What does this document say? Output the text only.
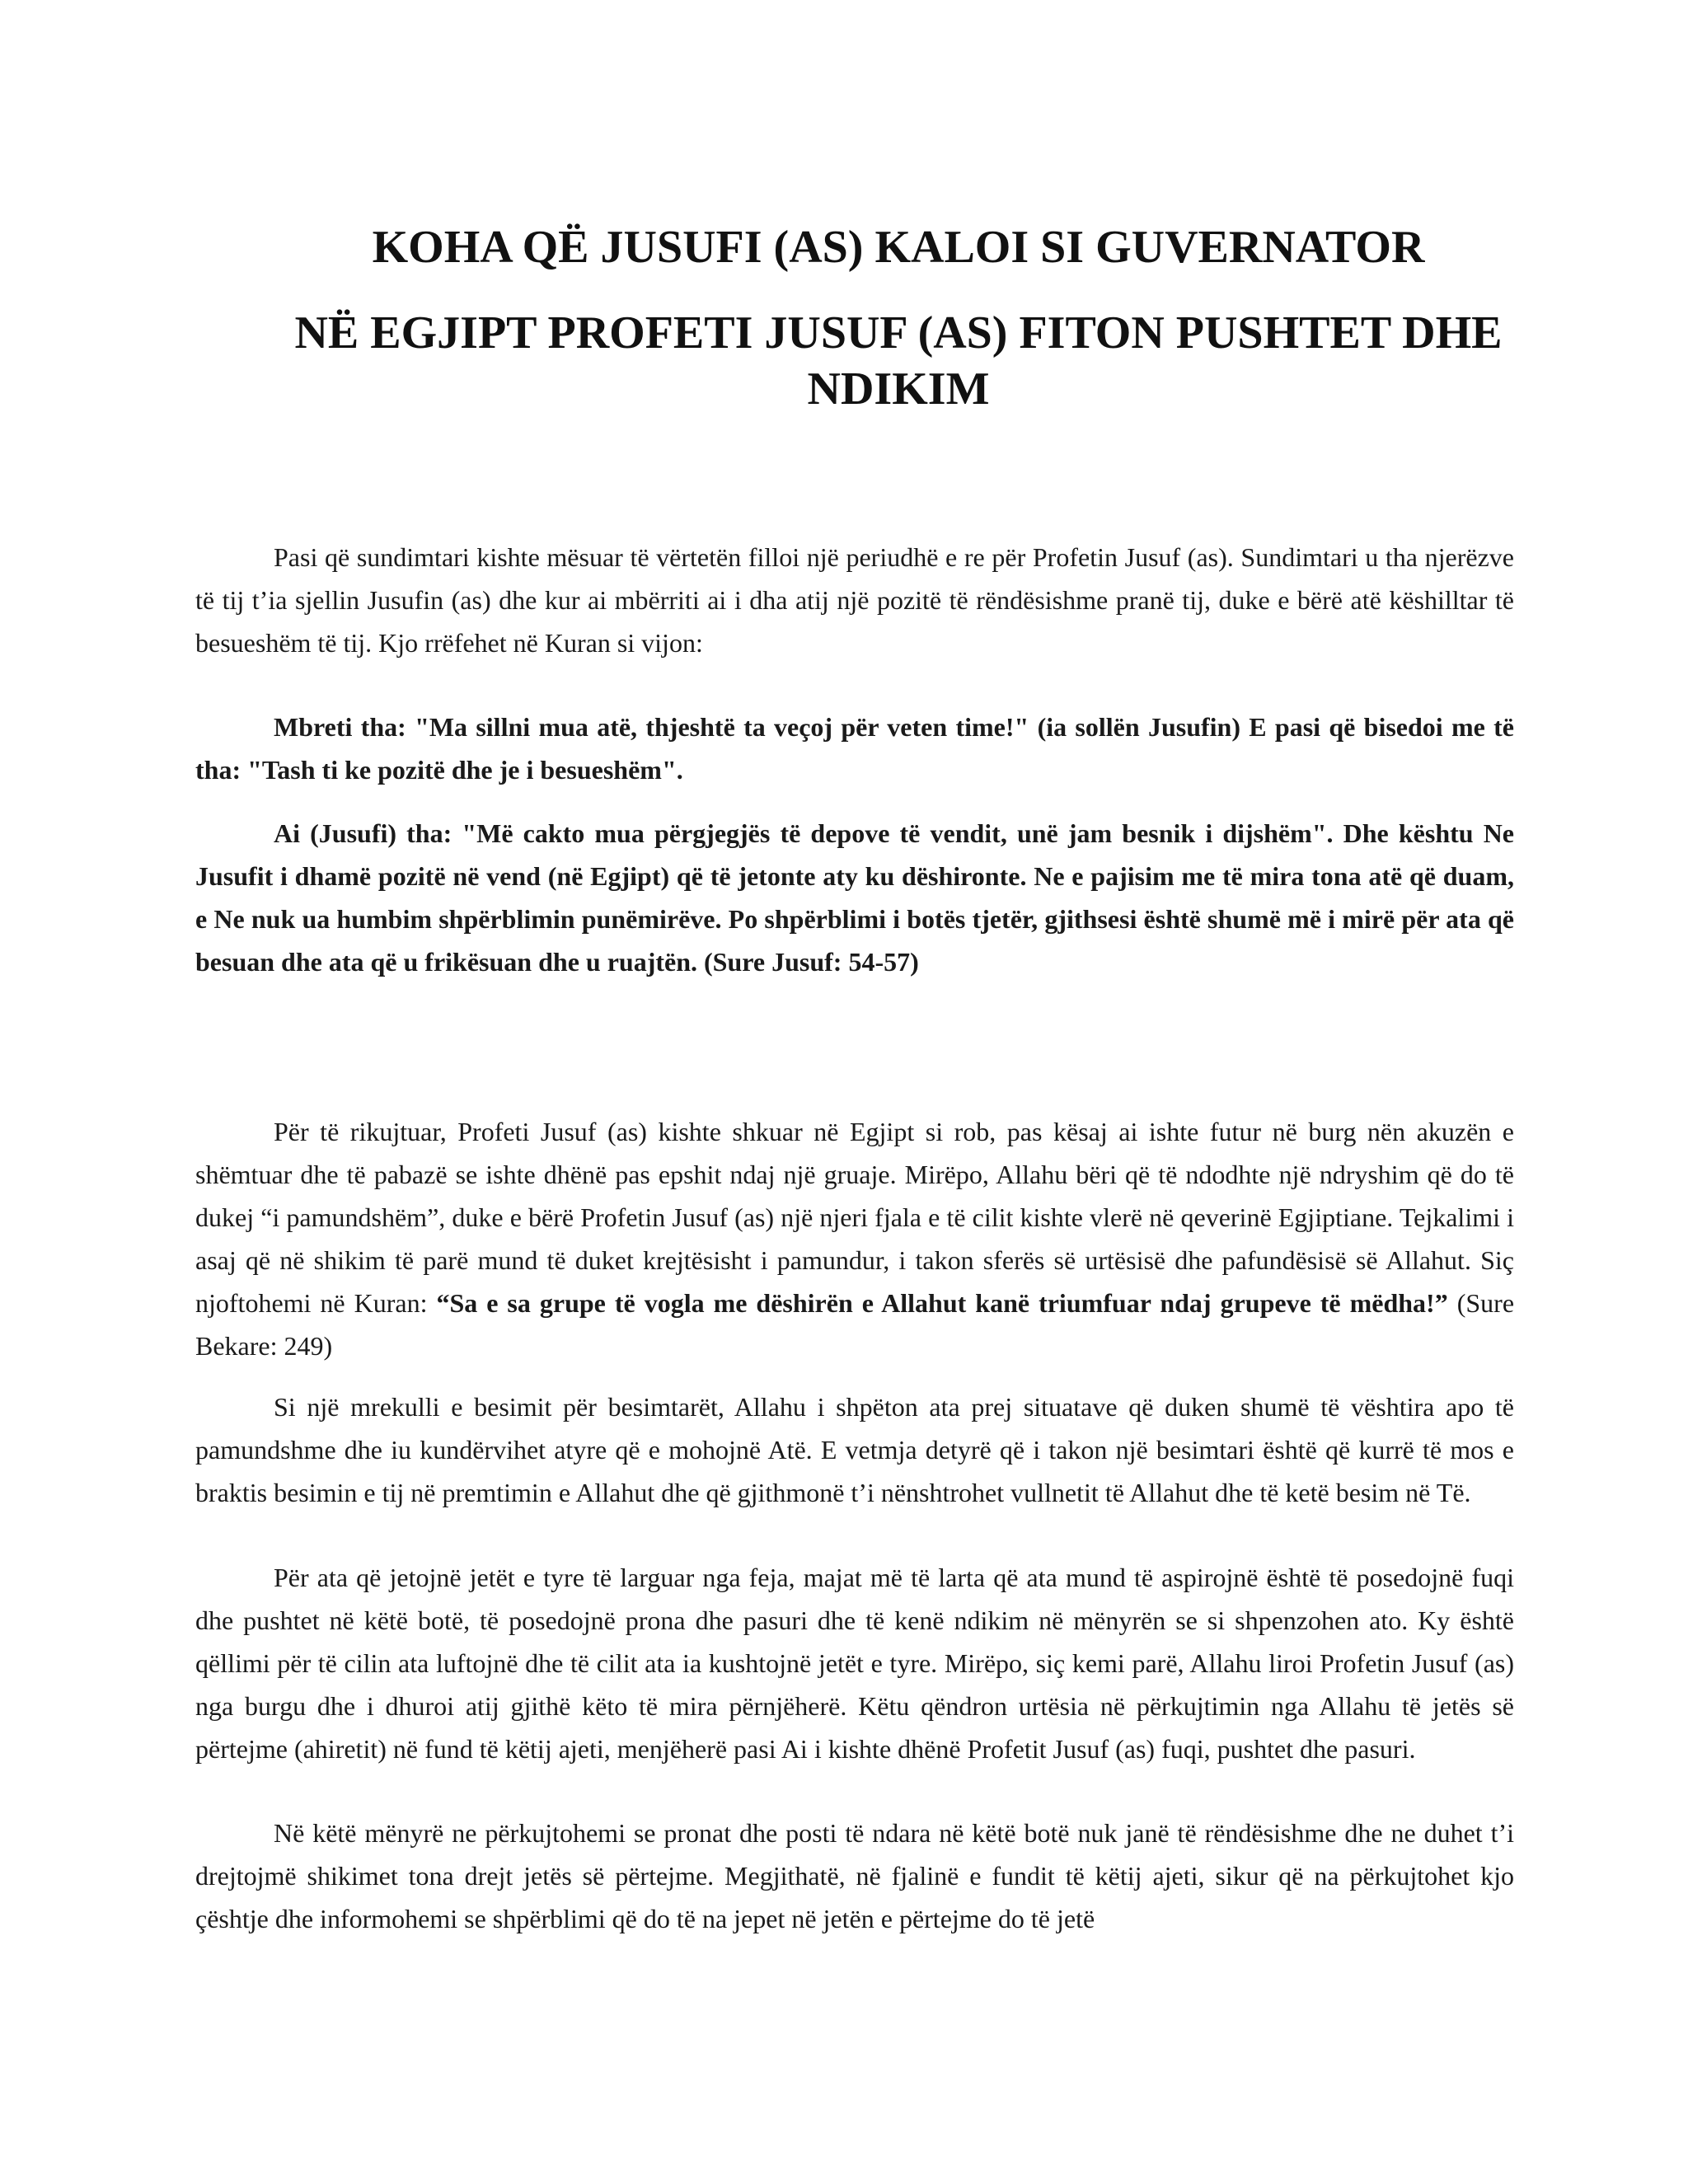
KOHA QË JUSUFI (AS) KALOI SI GUVERNATOR
NË EGJIPT PROFETI JUSUF (AS) FITON PUSHTET DHE NDIKIM

Pasi që sundimtari kishte mësuar të vërtetën filloi një periudhë e re për Profetin Jusuf (as). Sundimtari u tha njerëzve të tij t’ia sjellin Jusufin (as) dhe kur ai mbërriti ai i dha atij një pozitë të rëndësishme pranë tij, duke e bërë atë këshilltar të besueshëm të tij. Kjo rrëfehet në Kuran si vijon:

Mbreti tha: "Ma sillni mua atë, thjeshtë ta veçoj për veten time!" (ia sollën Jusufin) E pasi që bisedoi me të tha: "Tash ti ke pozitë dhe je i besueshëm".

Ai (Jusufi) tha: "Më cakto mua përgjegjës të depove të vendit, unë jam besnik i dijshëm". Dhe kështu Ne Jusufit i dhamë pozitë në vend (në Egjipt) që të jetonte aty ku dëshironte. Ne e pajisim me të mira tona atë që duam, e Ne nuk ua humbim shpërblimin punëmirëve. Po shpërblimi i botës tjetër, gjithsesi është shumë më i mirë për ata që besuan dhe ata që u frikësuan dhe u ruajtën. (Sure Jusuf: 54-57)

Për të rikujtuar, Profeti Jusuf (as) kishte shkuar në Egjipt si rob, pas kësaj ai ishte futur në burg nën akuzën e shëmtuar dhe të pabazë se ishte dhënë pas epshit ndaj një gruaje. Mirëpo, Allahu bëri që të ndodhte një ndryshim që do të dukej “i pamundshëm”, duke e bërë Profetin Jusuf (as) një njeri fjala e të cilit kishte vlerë në qeverinë Egjiptiane. Tejkalimi i asaj që në shikim të parë mund të duket krejtësisht i pamundur, i takon sferës së urtësisë dhe pafundësisë së Allahut. Siç njoftohemi në Kuran: “Sa e sa grupe të vogla me dëshirën e Allahut kanë triumfuar ndaj grupeve të mëdha!” (Sure Bekare: 249)

Si një mrekulli e besimit për besimtarët, Allahu i shpëton ata prej situatave që duken shumë të vështira apo të pamundshme dhe iu kundërvihet atyre që e mohojnë Atë. E vetmja detyrë që i takon një besimtari është që kurrë të mos e braktis besimin e tij në premtimin e Allahut dhe që gjithmonë t’i nënshtrohet vullnetit të Allahut dhe të ketë besim në Të.

Për ata që jetojnë jetët e tyre të larguar nga feja, majat më të larta që ata mund të aspirojnë është të posedojnë fuqi dhe pushtet në këtë botë, të posedojnë prona dhe pasuri dhe të kenë ndikim në mënyrën se si shpenzohen ato. Ky është qëllimi për të cilin ata luftojnë dhe të cilit ata ia kushtojnë jetët e tyre. Mirëpo, siç kemi parë, Allahu liroi Profetin Jusuf (as) nga burgu dhe i dhuroi atij gjithë këto të mira përnjëherë. Këtu qëndron urtësia në përkujtimin nga Allahu të jetës së përtejme (ahiretit) në fund të këtij ajeti, menjëherë pasi Ai i kishte dhënë Profetit Jusuf (as) fuqi, pushtet dhe pasuri.

Në këtë mënyrë ne përkujtohemi se pronat dhe posti të ndara në këtë botë nuk janë të rëndësishme dhe ne duhet t’i drejtojmë shikimet tona drejt jetës së përtejme. Megjithatë, në fjalinë e fundit të këtij ajeti, sikur që na përkujtohet kjo çështje dhe informohemi se shpërblimi që do të na jepet në jetën e përtejme do të jetë
